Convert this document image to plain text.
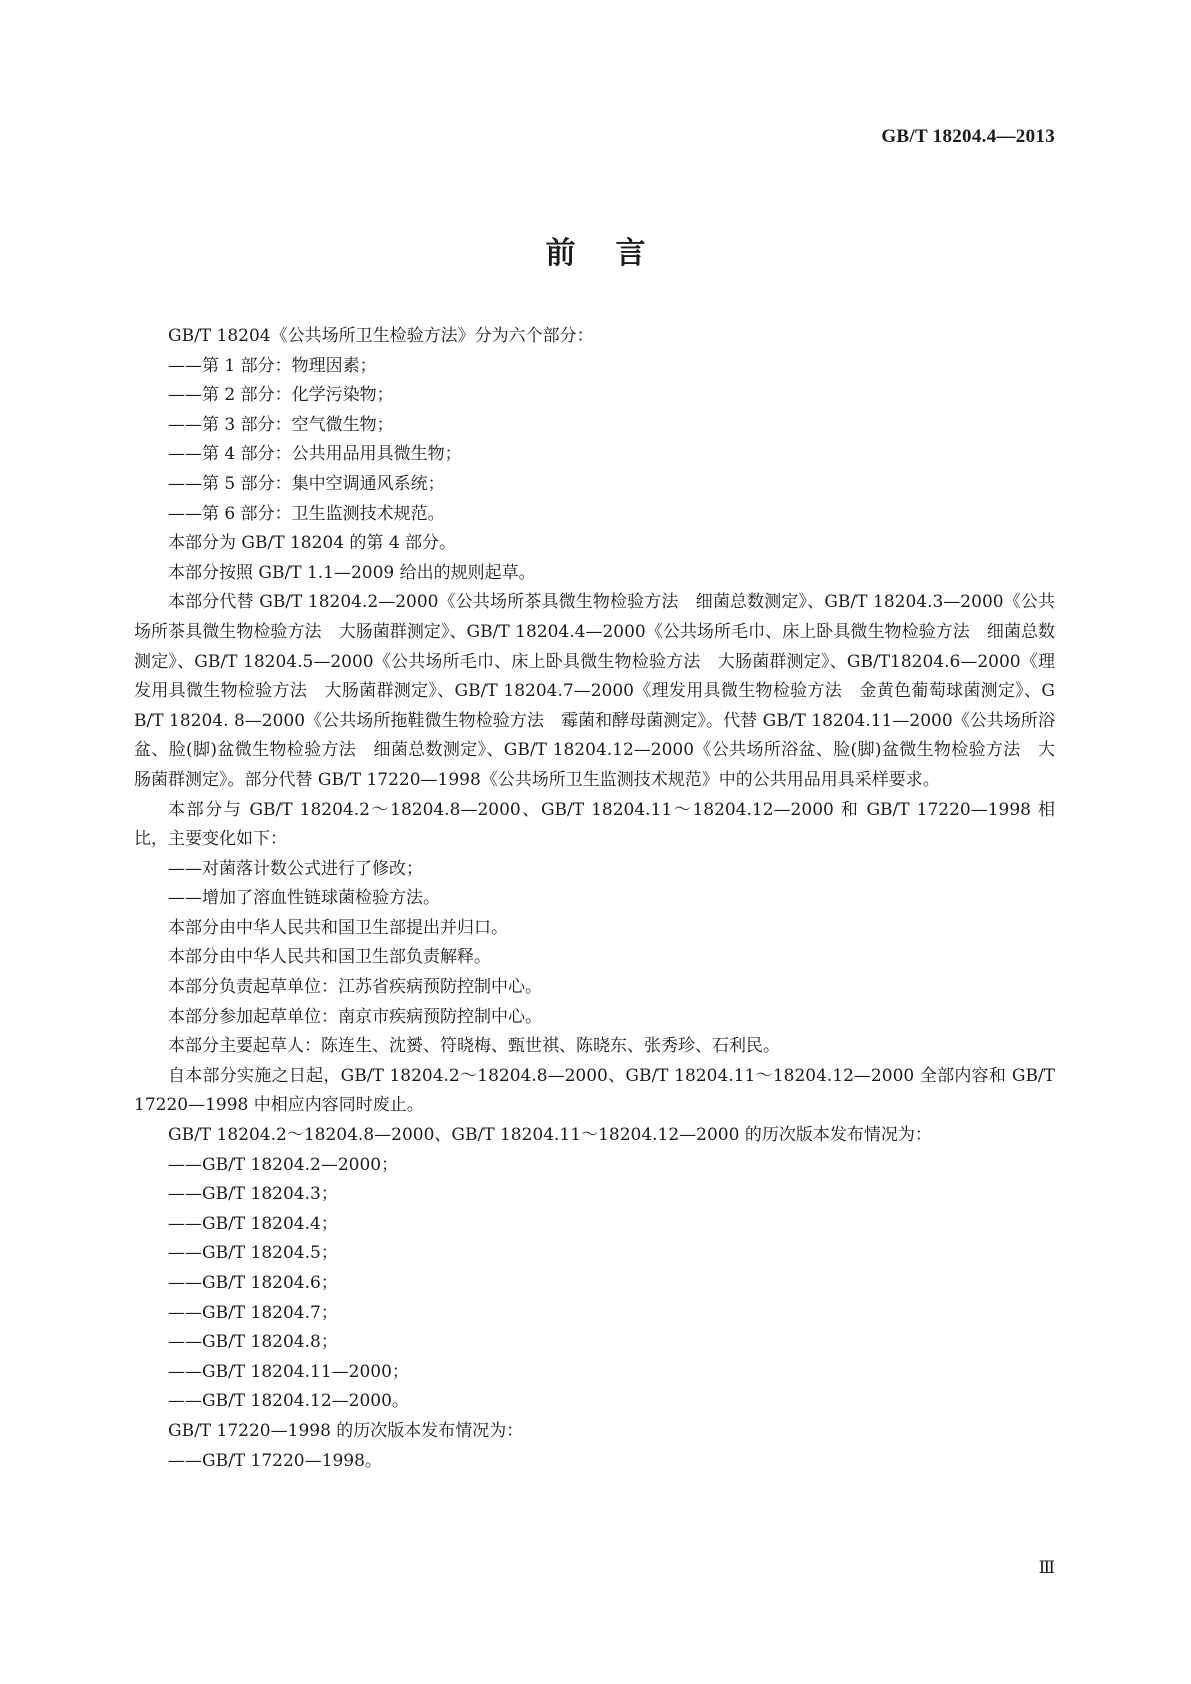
GB/T 18204.4—2013
前言

GB/T 18204《公共场所卫生检验方法》分为六个部分：

——第 1 部分：物理因素；

——第 2 部分：化学污染物；

——第 3 部分：空气微生物；

——第 4 部分：公共用品用具微生物；

——第 5 部分：集中空调通风系统；

——第 6 部分：卫生监测技术规范。

本部分为 GB/T 18204 的第 4 部分。

本部分按照 GB/T 1.1—2009 给出的规则起草。

本部分代替 GB/T 18204.2—2000《公共场所茶具微生物检验方法　细菌总数测定》、GB/T 18204.3—2000《公共场所茶具微生物检验方法　大肠菌群测定》、GB/T 18204.4—2000《公共场所毛巾、床上卧具微生物检验方法　细菌总数测定》、GB/T 18204.5—2000《公共场所毛巾、床上卧具微生物检验方法　大肠菌群测定》、GB/T18204.6—2000《理发用具微生物检验方法　大肠菌群测定》、GB/T 18204.7—2000《理发用具微生物检验方法　金黄色葡萄球菌测定》、GB/T 18204. 8—2000《公共场所拖鞋微生物检验方法　霉菌和酵母菌测定》。代替 GB/T 18204.11—2000《公共场所浴盆、脸(脚)盆微生物检验方法　细菌总数测定》、GB/T 18204.12—2000《公共场所浴盆、脸(脚)盆微生物检验方法　大肠菌群测定》。部分代替 GB/T 17220—1998《公共场所卫生监测技术规范》中的公共用品用具采样要求。

本部分与 GB/T 18204.2～18204.8—2000、GB/T 18204.11～18204.12—2000 和 GB/T 17220—1998 相比，主要变化如下：

——对菌落计数公式进行了修改；

——增加了溶血性链球菌检验方法。

本部分由中华人民共和国卫生部提出并归口。

本部分由中华人民共和国卫生部负责解释。

本部分负责起草单位：江苏省疾病预防控制中心。

本部分参加起草单位：南京市疾病预防控制中心。

本部分主要起草人：陈连生、沈赟、符晓梅、甄世祺、陈晓东、张秀珍、石利民。

自本部分实施之日起，GB/T 18204.2～18204.8—2000、GB/T 18204.11～18204.12—2000 全部内容和 GB/T 17220—1998 中相应内容同时废止。

GB/T 18204.2～18204.8—2000、GB/T 18204.11～18204.12—2000 的历次版本发布情况为：

——GB/T 18204.2—2000；

——GB/T 18204.3；

——GB/T 18204.4；

——GB/T 18204.5；

——GB/T 18204.6；

——GB/T 18204.7；

——GB/T 18204.8；

——GB/T 18204.11—2000；

——GB/T 18204.12—2000。

GB/T 17220—1998 的历次版本发布情况为：

——GB/T 17220—1998。

Ⅲ
